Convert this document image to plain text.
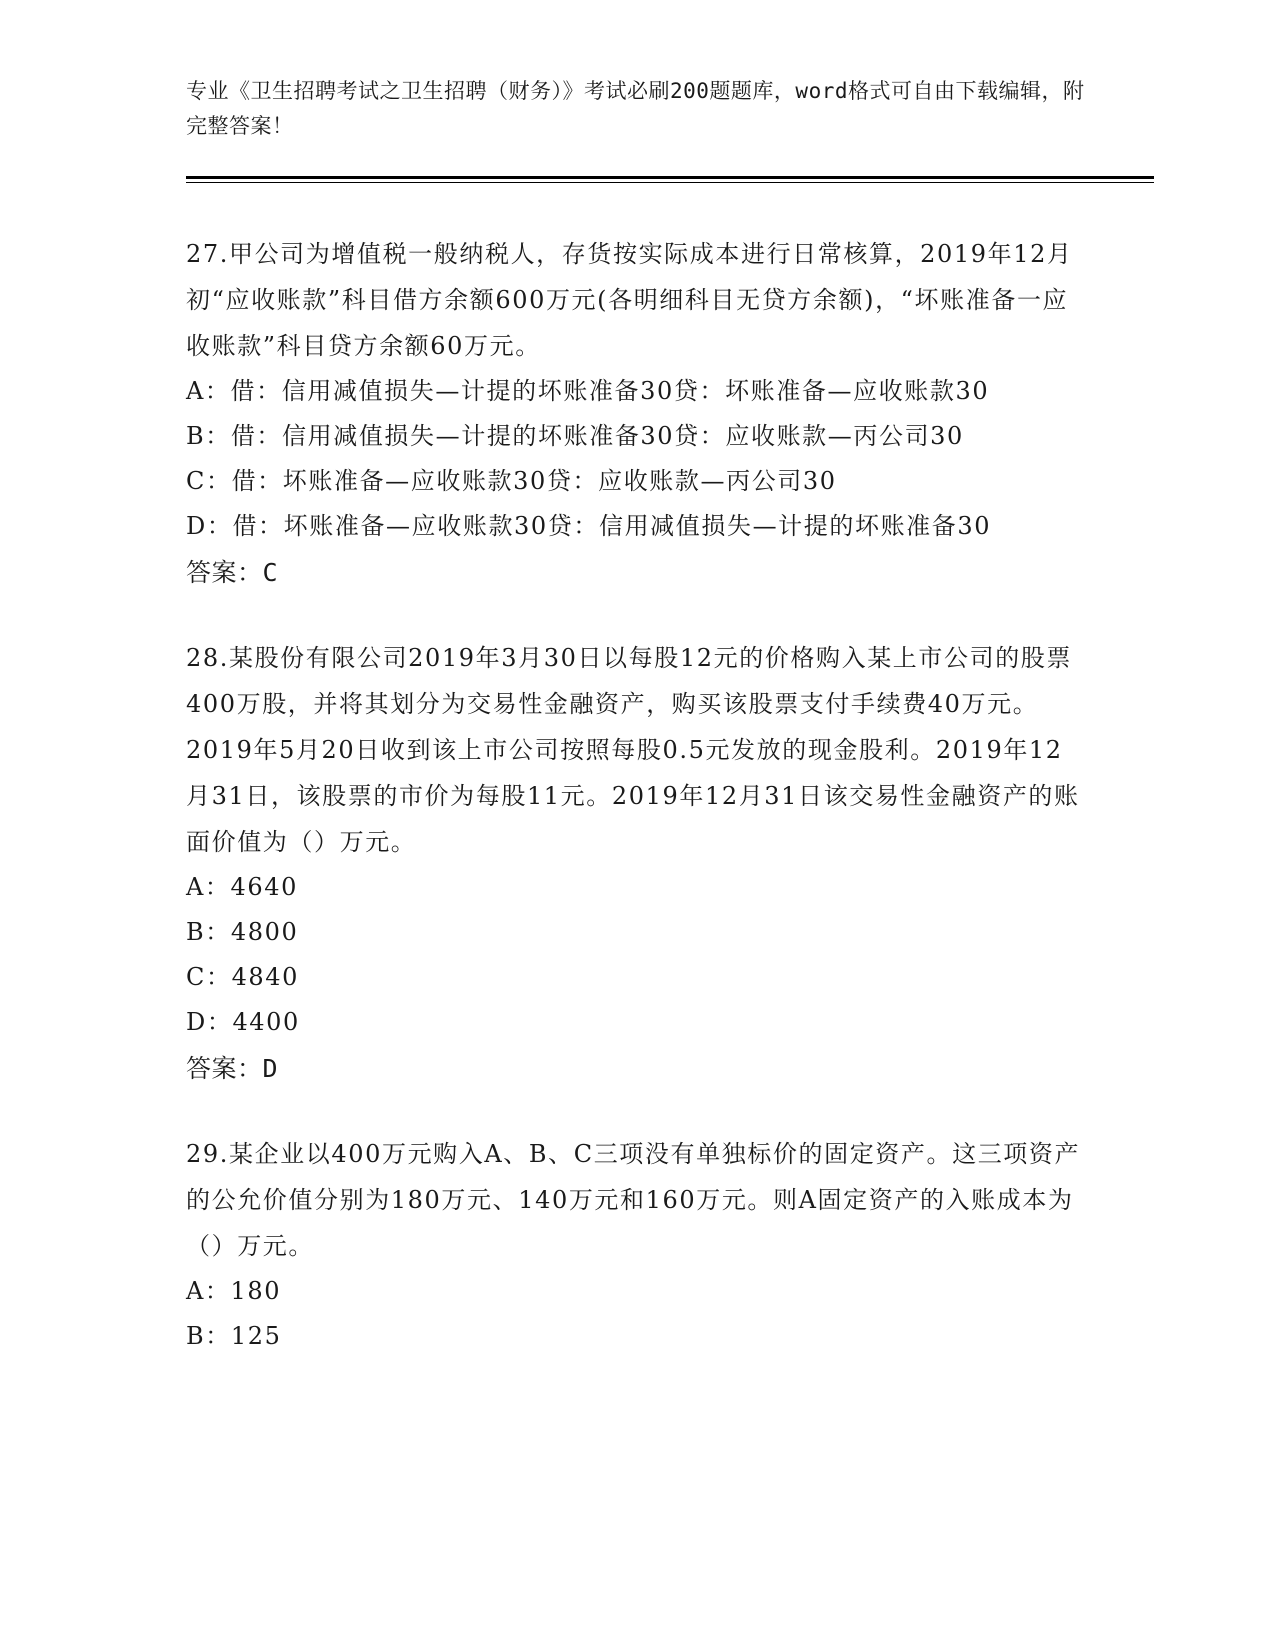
专业《卫生招聘考试之卫生招聘（财务）》考试必刷200题题库，word格式可自由下载编辑，附完整答案！
27.甲公司为增值税一般纳税人，存货按实际成本进行日常核算，2019年12月初“应收账款”科目借方余额600万元(各明细科目无贷方余额)，“坏账准备一应收账款”科目贷方余额60万元。
A：借：信用减值损失—计提的坏账准备30贷：坏账准备—应收账款30
B：借：信用减值损失—计提的坏账准备30贷：应收账款—丙公司30
C：借：坏账准备—应收账款30贷：应收账款—丙公司30
D：借：坏账准备—应收账款30贷：信用减值损失—计提的坏账准备30
答案：C
28.某股份有限公司2019年3月30日以每股12元的价格购入某上市公司的股票400万股，并将其划分为交易性金融资产，购买该股票支付手续费40万元。2019年5月20日收到该上市公司按照每股0.5元发放的现金股利。2019年12月31日，该股票的市价为每股11元。2019年12月31日该交易性金融资产的账面价值为（）万元。
A：4640
B：4800
C：4840
D：4400
答案：D
29.某企业以400万元购入A、B、C三项没有单独标价的固定资产。这三项资产的公允价值分别为180万元、140万元和160万元。则A固定资产的入账成本为（）万元。
A：180
B：125
